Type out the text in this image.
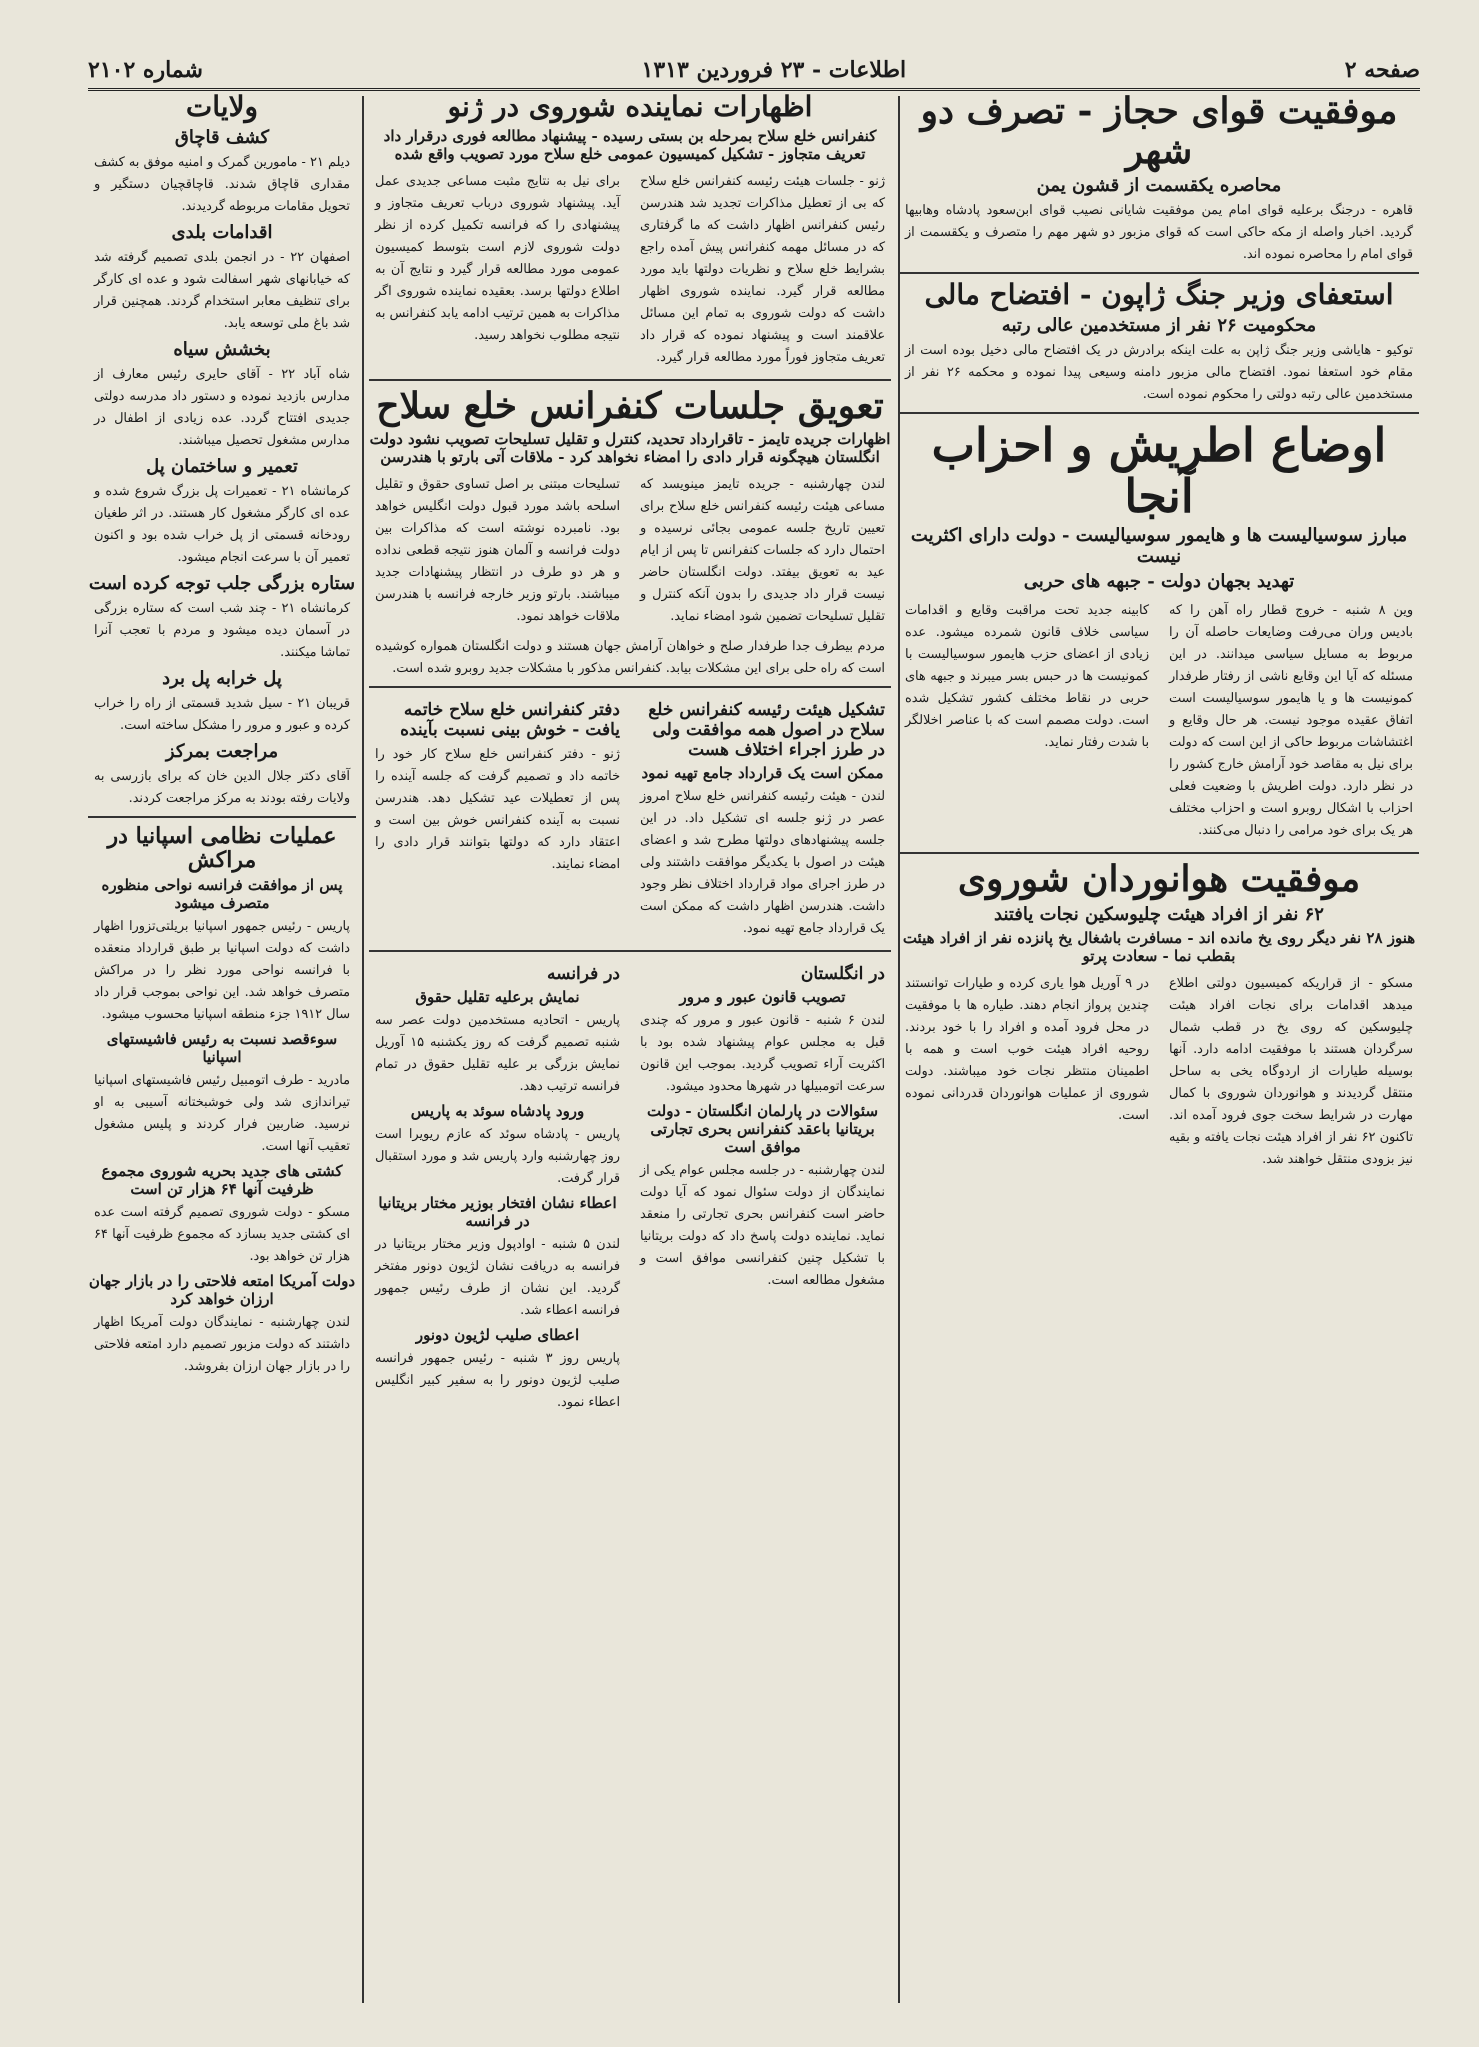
صفحه ۲
اطلاعات - ۲۳ فروردین ۱۳۱۳
شماره ۲۱۰۲
موفقیت قوای حجاز - تصرف دو شهر
محاصره یکقسمت از قشون یمن
قاهره - درجنگ برعلیه قوای امام یمن موفقیت شایانی نصیب قوای ابن‌سعود پادشاه وهابیها گردید. اخبار واصله از مکه حاکی است که قوای مزبور دو شهر مهم را متصرف و یکقسمت از قوای امام را محاصره نموده اند.
استعفای وزیر جنگ ژاپون - افتضاح مالی
محکومیت ۲۶ نفر از مستخدمین عالی رتبه
توکیو - هایاشی وزیر جنگ ژاپن به علت اینکه برادرش در یک افتضاح مالی دخیل بوده است از مقام خود استعفا نمود. افتضاح مالی مزبور دامنه وسیعی پیدا نموده و محکمه ۲۶ نفر از مستخدمین عالی رتبه دولتی را محکوم نموده است.
اوضاع اطریش و احزاب آنجا
مبارز سوسیالیست ها و هایمور سوسیالیست - دولت دارای اکثریت نیست
تهدید بجهان دولت - جبهه های حربی
وین ۸ شنبه - خروج قطار راه آهن را که بادیس وران می‌رفت وضایعات حاصله آن را مربوط به مسایل سیاسی میدانند. در این مسئله که آیا این وقایع ناشی از رفتار طرفدار کمونیست ها و یا هایمور سوسیالیست است اتفاق عقیده موجود نیست. هر حال وقایع و اغتشاشات مربوط حاکی از این است که دولت برای نیل به مقاصد خود آرامش خارج کشور را در نظر دارد. دولت اطریش با وضعیت فعلی احزاب با اشکال روبرو است و احزاب مختلف هر یک برای خود مرامی را دنبال می‌کنند.
کابینه جدید تحت مراقبت وقایع و اقدامات سیاسی خلاف قانون شمرده میشود. عده زیادی از اعضای حزب هایمور سوسیالیست با کمونیست ها در حبس بسر میبرند و جبهه های حربی در نقاط مختلف کشور تشکیل شده است. دولت مصمم است که با عناصر اخلالگر با شدت رفتار نماید.
موفقیت هوانوردان شوروی
۶۲ نفر از افراد هیئت چلیوسکین نجات یافتند
هنوز ۲۸ نفر دیگر روی یخ مانده اند - مسافرت باشغال یخ پانزده نفر از افراد هیئت بقطب نما - سعادت پرتو
مسکو - از قراریکه کمیسیون دولتی اطلاع میدهد اقدامات برای نجات افراد هیئت چلیوسکین که روی یخ در قطب شمال سرگردان هستند با موفقیت ادامه دارد. آنها بوسیله طیارات از اردوگاه یخی به ساحل منتقل گردیدند و هوانوردان شوروی با کمال مهارت در شرایط سخت جوی فرود آمده اند. تاکنون ۶۲ نفر از افراد هیئت نجات یافته و بقیه نیز بزودی منتقل خواهند شد.
در ۹ آوریل هوا یاری کرده و طیارات توانستند چندین پرواز انجام دهند. طیاره ها با موفقیت در محل فرود آمده و افراد را با خود بردند. روحیه افراد هیئت خوب است و همه با اطمینان منتظر نجات خود میباشند. دولت شوروی از عملیات هوانوردان قدردانی نموده است.
اظهارات نماینده شوروی در ژنو
کنفرانس خلع سلاح بمرحله بن بستی رسیده - پیشنهاد مطالعه فوری درقرار داد تعریف متجاوز - تشکیل کمیسیون عمومی خلع سلاح مورد تصویب واقع شده
ژنو - جلسات هیئت رئیسه کنفرانس خلع سلاح که بی از تعطیل مذاکرات تجدید شد هندرسن رئیس کنفرانس اظهار داشت که ما گرفتاری که در مسائل مهمه کنفرانس پیش آمده راجع بشرایط خلع سلاح و نظریات دولتها باید مورد مطالعه قرار گیرد. نماینده شوروی اظهار داشت که دولت شوروی به تمام این مسائل علاقمند است و پیشنهاد نموده که قرار داد تعریف متجاوز فوراً مورد مطالعه قرار گیرد.
برای نیل به نتایج مثبت مساعی جدیدی عمل آید. پیشنهاد شوروی درباب تعریف متجاوز و پیشنهادی را که فرانسه تکمیل کرده از نظر دولت شوروی لازم است بتوسط کمیسیون عمومی مورد مطالعه قرار گیرد و نتایج آن به اطلاع دولتها برسد. بعقیده نماینده شوروی اگر مذاکرات به همین ترتیب ادامه یابد کنفرانس به نتیجه مطلوب نخواهد رسید.
تعویق جلسات کنفرانس خلع سلاح
اظهارات جریده تایمز - تاقرارداد تحدید، کنترل و تقلیل تسلیحات تصویب نشود دولت انگلستان هیچگونه قرار دادی را امضاء نخواهد کرد - ملاقات آتی بارتو با هندرسن
لندن چهارشنبه - جریده تایمز مینویسد که مساعی هیئت رئیسه کنفرانس خلع سلاح برای تعیین تاریخ جلسه عمومی بجائی نرسیده و احتمال دارد که جلسات کنفرانس تا پس از ایام عید به تعویق بیفتد. دولت انگلستان حاضر نیست قرار داد جدیدی را بدون آنکه کنترل و تقلیل تسلیحات تضمین شود امضاء نماید.
تسلیحات مبتنی بر اصل تساوی حقوق و تقلیل اسلحه باشد مورد قبول دولت انگلیس خواهد بود. نامبرده نوشته است که مذاکرات بین دولت فرانسه و آلمان هنوز نتیجه قطعی نداده و هر دو طرف در انتظار پیشنهادات جدید میباشند. بارتو وزیر خارجه فرانسه با هندرسن ملاقات خواهد نمود.
مردم بیطرف جدا طرفدار صلح و خواهان آرامش جهان هستند و دولت انگلستان همواره کوشیده است که راه حلی برای این مشکلات بیابد. کنفرانس مذکور با مشکلات جدید روبرو شده است.
تشکیل هیئت رئیسه کنفرانس خلع سلاح در اصول همه موافقت ولی در طرز اجراء اختلاف هست
ممکن است یک قرارداد جامع تهیه نمود
لندن - هیئت رئیسه کنفرانس خلع سلاح امروز عصر در ژنو جلسه ای تشکیل داد. در این جلسه پیشنهادهای دولتها مطرح شد و اعضای هیئت در اصول با یکدیگر موافقت داشتند ولی در طرز اجرای مواد قرارداد اختلاف نظر وجود داشت. هندرسن اظهار داشت که ممکن است یک قرارداد جامع تهیه نمود.
دفتر کنفرانس خلع سلاح خاتمه یافت - خوش بینی نسبت بآینده
ژنو - دفتر کنفرانس خلع سلاح کار خود را خاتمه داد و تصمیم گرفت که جلسه آینده را پس از تعطیلات عید تشکیل دهد. هندرسن نسبت به آینده کنفرانس خوش بین است و اعتقاد دارد که دولتها بتوانند قرار دادی را امضاء نمایند.
در انگلستان
تصویب قانون عبور و مرور
لندن ۶ شنبه - قانون عبور و مرور که چندی قبل به مجلس عوام پیشنهاد شده بود با اکثریت آراء تصویب گردید. بموجب این قانون سرعت اتومبیلها در شهرها محدود میشود.
سئوالات در پارلمان انگلستان - دولت بریتانیا باعقد کنفرانس بحری تجارتی موافق است
لندن چهارشنبه - در جلسه مجلس عوام یکی از نمایندگان از دولت سئوال نمود که آیا دولت حاضر است کنفرانس بحری تجارتی را منعقد نماید. نماینده دولت پاسخ داد که دولت بریتانیا با تشکیل چنین کنفرانسی موافق است و مشغول مطالعه است.
در فرانسه
نمایش برعلیه تقلیل حقوق
پاریس - اتحادیه مستخدمین دولت عصر سه شنبه تصمیم گرفت که روز یکشنبه ۱۵ آوریل نمایش بزرگی بر علیه تقلیل حقوق در تمام فرانسه ترتیب دهد.
ورود پادشاه سوئد به پاریس
پاریس - پادشاه سوئد که عازم ریویرا است روز چهارشنبه وارد پاریس شد و مورد استقبال قرار گرفت.
اعطاء نشان افتخار بوزیر مختار بریتانیا در فرانسه
لندن ۵ شنبه - اوادپول وزیر مختار بریتانیا در فرانسه به دریافت نشان لژیون دونور مفتخر گردید. این نشان از طرف رئیس جمهور فرانسه اعطاء شد.
اعطای صلیب لژیون دونور
پاریس روز ۳ شنبه - رئیس جمهور فرانسه صلیب لژیون دونور را به سفیر کبیر انگلیس اعطاء نمود.
ولایات
کشف قاچاق
دیلم ۲۱ - مامورین گمرک و امنیه موفق به کشف مقداری قاچاق شدند. قاچاقچیان دستگیر و تحویل مقامات مربوطه گردیدند.
اقدامات بلدی
اصفهان ۲۲ - در انجمن بلدی تصمیم گرفته شد که خیابانهای شهر اسفالت شود و عده ای کارگر برای تنظیف معابر استخدام گردند. همچنین قرار شد باغ ملی توسعه یابد.
بخشش سیاه
شاه آباد ۲۲ - آقای حایری رئیس معارف از مدارس بازدید نموده و دستور داد مدرسه دولتی جدیدی افتتاح گردد. عده زیادی از اطفال در مدارس مشغول تحصیل میباشند.
تعمیر و ساختمان پل
کرمانشاه ۲۱ - تعمیرات پل بزرگ شروع شده و عده ای کارگر مشغول کار هستند. در اثر طغیان رودخانه قسمتی از پل خراب شده بود و اکنون تعمیر آن با سرعت انجام میشود.
ستاره بزرگی جلب توجه کرده است
کرمانشاه ۲۱ - چند شب است که ستاره بزرگی در آسمان دیده میشود و مردم با تعجب آنرا تماشا میکنند.
پل خرابه پل برد
قریبان ۲۱ - سیل شدید قسمتی از راه را خراب کرده و عبور و مرور را مشکل ساخته است.
مراجعت بمرکز
آقای دکتر جلال الدین خان که برای بازرسی به ولایات رفته بودند به مرکز مراجعت کردند.
عملیات نظامی اسپانیا در مراکش
پس از موافقت فرانسه نواحی منظوره متصرف میشود
پاریس - رئیس جمهور اسپانیا بریلتی‌تزورا اظهار داشت که دولت اسپانیا بر طبق قرارداد منعقده با فرانسه نواحی مورد نظر را در مراکش متصرف خواهد شد. این نواحی بموجب قرار داد سال ۱۹۱۲ جزء منطقه اسپانیا محسوب میشود.
سوء‌قصد نسبت به رئیس فاشیستهای اسپانیا
مادرید - طرف اتومبیل رئیس فاشیستهای اسپانیا تیراندازی شد ولی خوشبختانه آسیبی به او نرسید. ضاربین فرار کردند و پلیس مشغول تعقیب آنها است.
کشتی های جدید بحریه شوروی مجموع ظرفیت آنها ۶۴ هزار تن است
مسکو - دولت شوروی تصمیم گرفته است عده ای کشتی جدید بسازد که مجموع ظرفیت آنها ۶۴ هزار تن خواهد بود.
دولت آمریکا امتعه فلاحتی را در بازار جهان ارزان خواهد کرد
لندن چهارشنبه - نمایندگان دولت آمریکا اظهار داشتند که دولت مزبور تصمیم دارد امتعه فلاحتی را در بازار جهان ارزان بفروشد.
